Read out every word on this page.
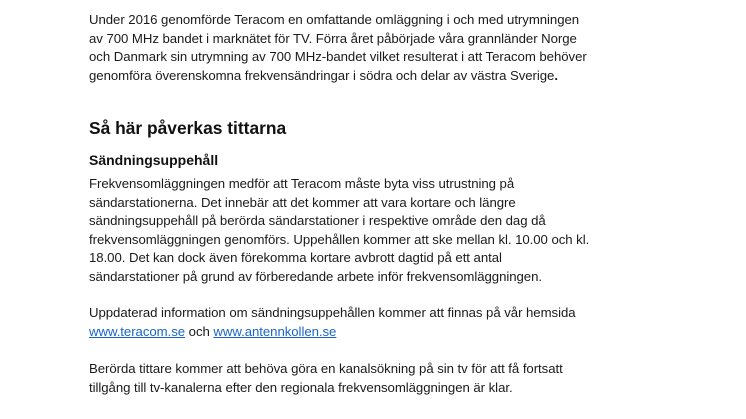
Under 2016 genomförde Teracom en omfattande omläggning i och med utrymningen
av 700 MHz bandet i marknätet för TV. Förra året påbörjade våra grannländer Norge
och Danmark sin utrymning av 700 MHz-bandet vilket resulterat i att Teracom behöver
genomföra överenskomna frekvensändringar i södra och delar av västra Sverige.

Så här påverkas tittarna
Sändningsuppehåll

Frekvensomläggningen medför att Teracom måste byta viss utrustning på
sändarstationerna. Det innebär att det kommer att vara kortare och längre
sändningsuppehåll på berörda sändarstationer i respektive område den dag då
frekvensomläggningen genomförs. Uppehållen kommer att ske mellan kl. 10.00 och kl.
18.00. Det kan dock även förekomma kortare avbrott dagtid på ett antal
sändarstationer på grund av förberedande arbete inför frekvensomläggningen.

Uppdaterad information om sändningsuppehållen kommer att finnas på vår hemsida
www.teracom.se och www.antennkollen.se

Berörda tittare kommer att behöva göra en kanalsökning på sin tv för att få fortsatt
tillgång till tv-kanalerna efter den regionala frekvensomläggningen är klar.
